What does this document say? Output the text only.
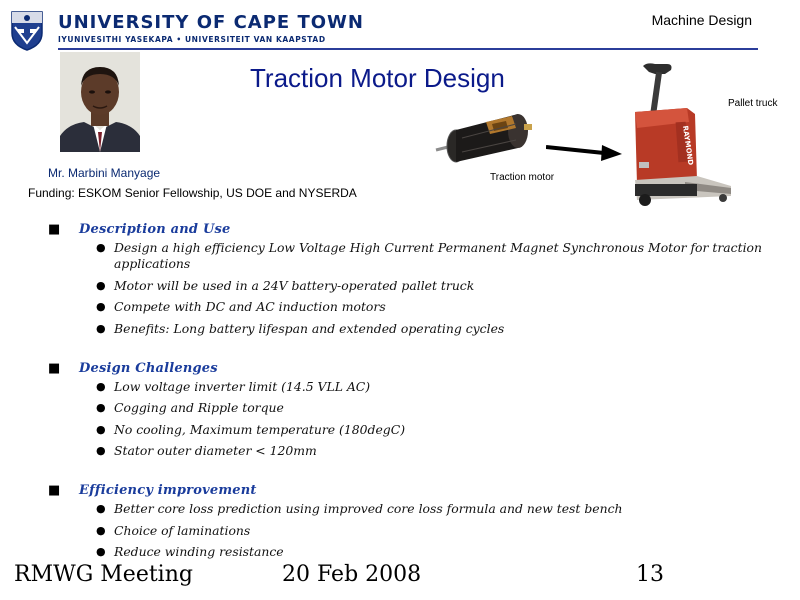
UNIVERSITY OF CAPE TOWN
IYUNIVESITHI YASEKAPA • UNIVERSITEIT VAN KAAPSTAD
Machine Design
Traction Motor Design
Mr. Marbini Manyage
Funding: ESKOM Senior Fellowship, US DOE and NYSERDA
Traction motor
RAYMOND
Pallet truck
■ Description and Use
● Design a high efficiency Low Voltage High Current Permanent Magnet Synchronous Motor for traction applications
● Motor will be used in a 24V battery-operated pallet truck
● Compete with DC and AC induction motors
● Benefits: Long battery lifespan and extended operating cycles
■ Design Challenges
● Low voltage inverter limit (14.5 VLL AC)
● Cogging and Ripple torque
● No cooling, Maximum temperature (180degC)
● Stator outer diameter < 120mm
■ Efficiency improvement
● Better core loss prediction using improved core loss formula and new test bench
● Choice of laminations
● Reduce winding resistance
RMWG Meeting	20 Feb 2008	13
